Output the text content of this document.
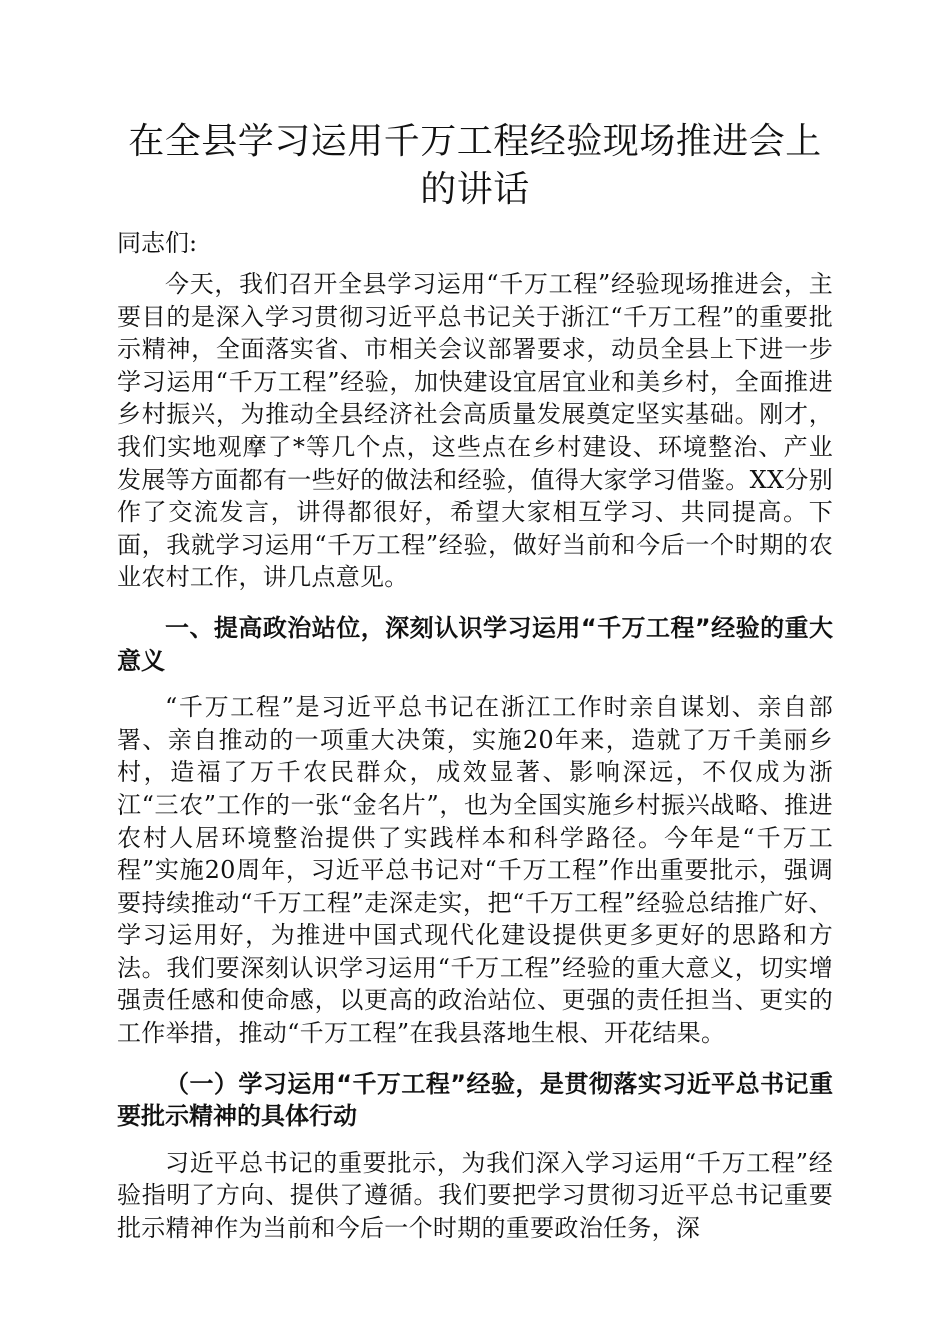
在全县学习运用千万工程经验现场推进会上的讲话

同志们:

今天，我们召开全县学习运用“千万工程”经验现场推进会，主要目的是深入学习贯彻习近平总书记关于浙江“千万工程”的重要批示精神，全面落实省、市相关会议部署要求，动员全县上下进一步学习运用“千万工程”经验，加快建设宜居宜业和美乡村，全面推进乡村振兴，为推动全县经济社会高质量发展奠定坚实基础。刚才，我们实地观摩了*等几个点，这些点在乡村建设、环境整治、产业发展等方面都有一些好的做法和经验，值得大家学习借鉴。XX分别作了交流发言，讲得都很好，希望大家相互学习、共同提高。下面，我就学习运用“千万工程”经验，做好当前和今后一个时期的农业农村工作，讲几点意见。

一、提高政治站位，深刻认识学习运用“千万工程”经验的重大意义

“千万工程”是习近平总书记在浙江工作时亲自谋划、亲自部署、亲自推动的一项重大决策，实施20年来，造就了万千美丽乡村，造福了万千农民群众，成效显著、影响深远，不仅成为浙江“三农”工作的一张“金名片”，也为全国实施乡村振兴战略、推进农村人居环境整治提供了实践样本和科学路径。今年是“千万工程”实施20周年，习近平总书记对“千万工程”作出重要批示，强调要持续推动“千万工程”走深走实，把“千万工程”经验总结推广好、学习运用好，为推进中国式现代化建设提供更多更好的思路和方法。我们要深刻认识学习运用“千万工程”经验的重大意义，切实增强责任感和使命感，以更高的政治站位、更强的责任担当、更实的工作举措，推动“千万工程”在我县落地生根、开花结果。

（一）学习运用“千万工程”经验，是贯彻落实习近平总书记重要批示精神的具体行动

习近平总书记的重要批示，为我们深入学习运用“千万工程”经验指明了方向、提供了遵循。我们要把学习贯彻习近平总书记重要批示精神作为当前和今后一个时期的重要政治任务，深
